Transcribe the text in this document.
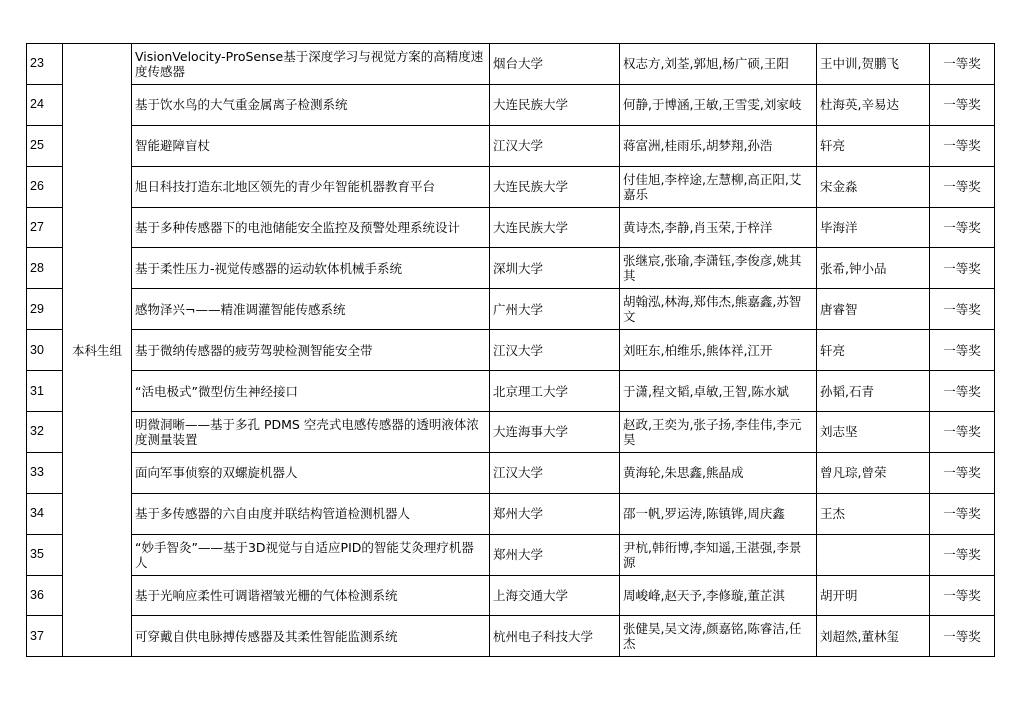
23	本科生组	VisionVelocity-ProSense基于深度学习与视觉方案的高精度速度传感器	烟台大学	权志方,刘荃,郭旭,杨广硕,王阳	王中训,贺鹏飞	一等奖
24		基于饮水鸟的大气重金属离子检测系统	大连民族大学	何静,于博涵,王敏,王雪雯,刘家岐	杜海英,辛易达	一等奖
25		智能避障盲杖	江汉大学	蒋富洲,桂雨乐,胡梦翔,孙浩	轩亮	一等奖
26		旭日科技打造东北地区领先的青少年智能机器教育平台	大连民族大学	付佳旭,李梓途,左慧柳,高正阳,艾嘉乐	宋金淼	一等奖
27		基于多种传感器下的电池储能安全监控及预警处理系统设计	大连民族大学	黄诗杰,李静,肖玉荣,于梓洋	毕海洋	一等奖
28		基于柔性压力-视觉传感器的运动软体机械手系统	深圳大学	张继宸,张瑜,李潇钰,李俊彦,姚其其	张希,钟小品	一等奖
29		感物泽兴¬——精准调灌智能传感系统	广州大学	胡翰泓,林海,郑伟杰,熊嘉鑫,苏智文	唐睿智	一等奖
30		基于微纳传感器的疲劳驾驶检测智能安全带	江汉大学	刘旺东,柏维乐,熊体祥,江开	轩亮	一等奖
31		“活电极式”微型仿生神经接口	北京理工大学	于潇,程文韬,卓敏,王智,陈水斌	孙韬,石青	一等奖
32		明微洞晰——基于多孔 PDMS 空壳式电感传感器的透明液体浓度测量装置	大连海事大学	赵政,王奕为,张子扬,李佳伟,李元昊	刘志坚	一等奖
33		面向军事侦察的双螺旋机器人	江汉大学	黄海轮,朱思鑫,熊晶成	曾凡琮,曾荣	一等奖
34		基于多传感器的六自由度并联结构管道检测机器人	郑州大学	邵一帆,罗运涛,陈镇铧,周庆鑫	王杰	一等奖
35		“妙手智灸”——基于3D视觉与自适应PID的智能艾灸理疗机器人	郑州大学	尹杭,韩衎博,李知遥,王湛强,李景源		一等奖
36		基于光响应柔性可调谐褶皱光栅的气体检测系统	上海交通大学	周峻峰,赵天予,李修璇,董芷淇	胡开明	一等奖
37		可穿戴自供电脉搏传感器及其柔性智能监测系统	杭州电子科技大学	张健昊,吴文涛,颜嘉铭,陈睿洁,任杰	刘超然,董林玺	一等奖
